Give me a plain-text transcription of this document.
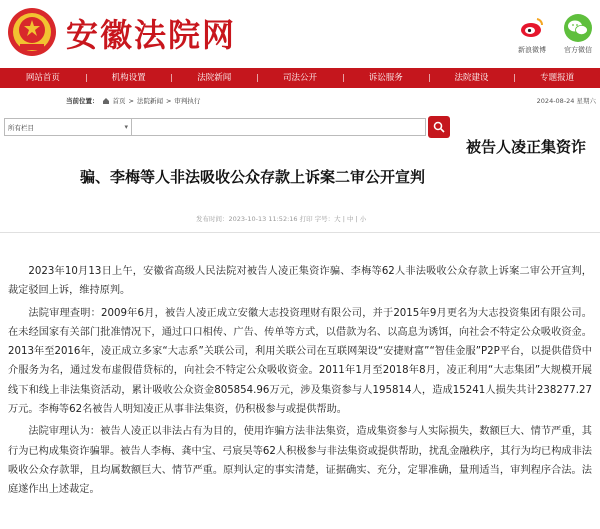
安徽法院网	新浪微博	官方微信
网站首页	机构设置	法院新闻	司法公开	诉讼服务	法院建设	专题报道
当前位置： 首页 > 法院新闻 > 审判执行	2024-08-24 星期六
所有栏目	▾
被告人凌正集资诈
骗、李梅等人非法吸收公众存款上诉案二审公开宣判
发布时间：2023-10-13 11:52:16 打印 字号：大 | 中 | 小

2023年10月13日上午，安徽省高级人民法院对被告人凌正集资诈骗、李梅等62人非法吸收公众存款上诉案二审公开宣判，裁定驳回上诉，维持原判。

法院审理查明：2009年6月，被告人凌正成立安徽大志投资理财有限公司，并于2015年9月更名为大志投资集团有限公司。在未经国家有关部门批准情况下，通过口口相传、广告、传单等方式，以借款为名、以高息为诱饵，向社会不特定公众吸收资金。2013年至2016年，凌正成立多家“大志系”关联公司，利用关联公司在互联网架设“安捷财富”“智佳金服”P2P平台，以提供借贷中介服务为名，通过发布虚假借贷标的，向社会不特定公众吸收资金。2011年1月至2018年8月，凌正利用“大志集团”大规模开展线下和线上非法集资活动，累计吸收公众资金805854.96万元，涉及集资参与人195814人，造成15241人损失共计238277.27万元。李梅等62名被告人明知凌正从事非法集资，仍积极参与或提供帮助。

法院审理认为：被告人凌正以非法占有为目的，使用诈骗方法非法集资，造成集资参与人实际损失，数额巨大、情节严重，其行为已构成集资诈骗罪。被告人李梅、龚中宝、弓宸昊等62人积极参与非法集资或提供帮助，扰乱金融秩序，其行为均已构成非法吸收公众存款罪，且均属数额巨大、情节严重。原判认定的事实清楚，证据确实、充分，定罪准确，量刑适当，审判程序合法。法庭遂作出上述裁定。
